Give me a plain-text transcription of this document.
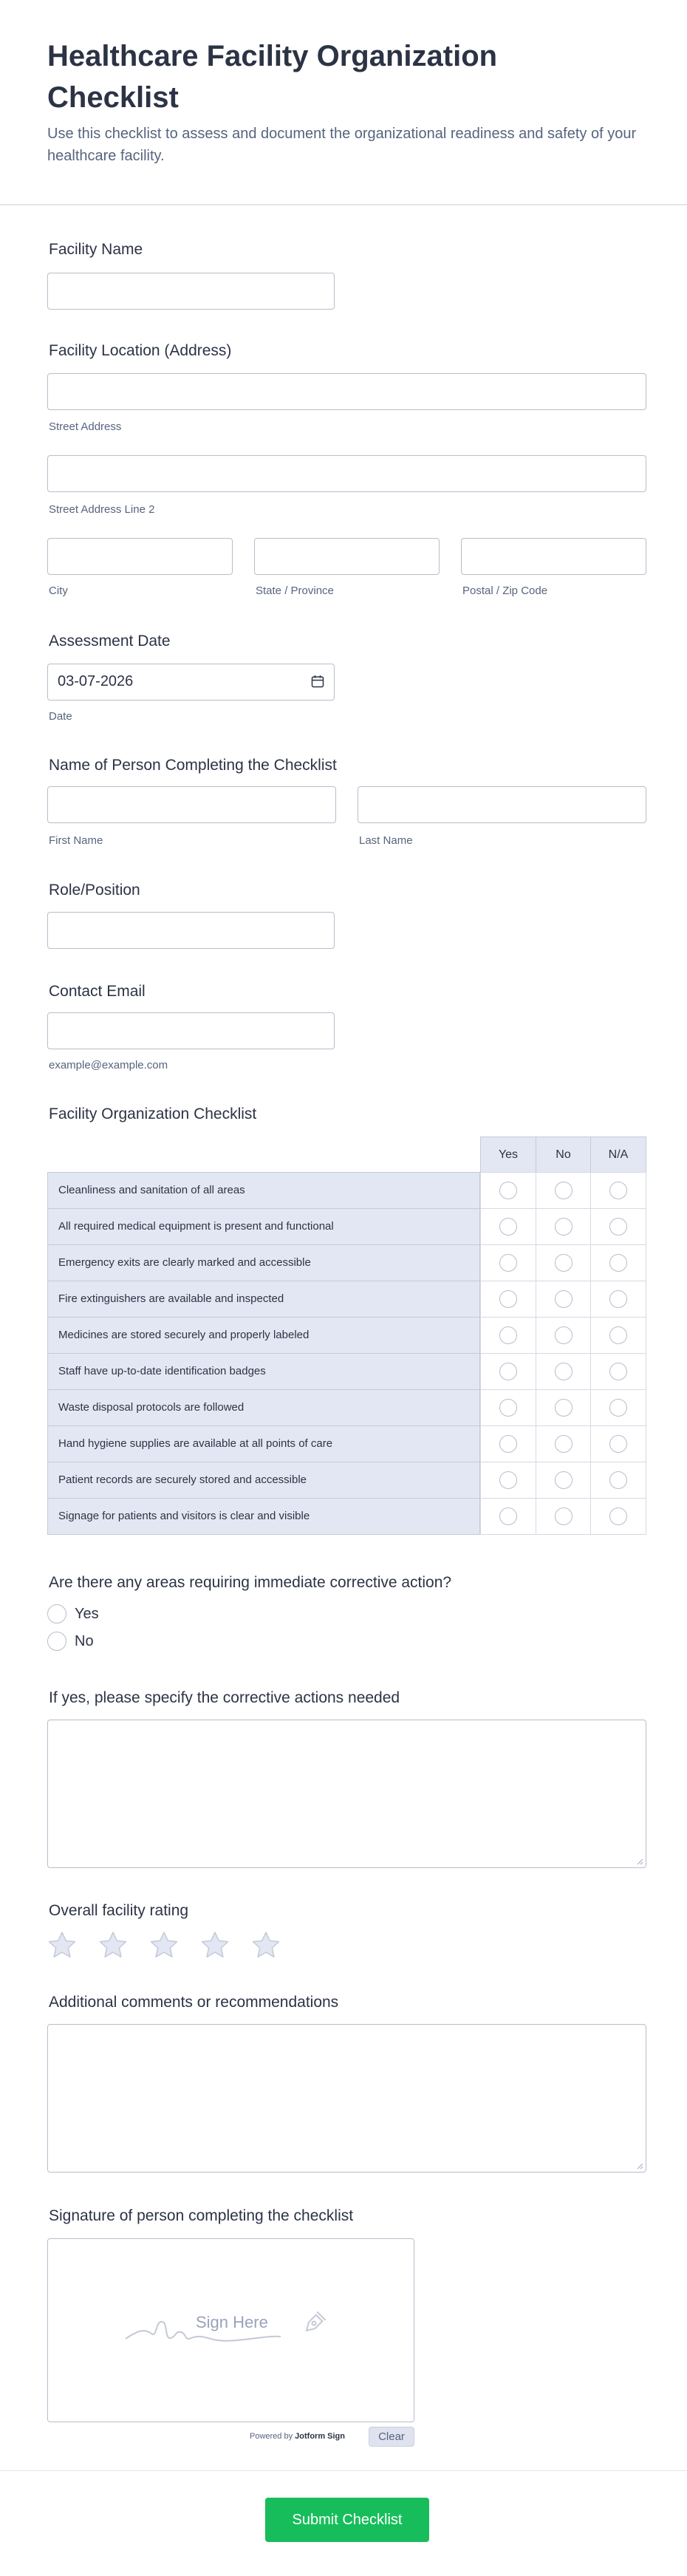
Healthcare Facility Organization Checklist
Use this checklist to assess and document the organizational readiness and safety of your healthcare facility.
Facility Name
Facility Location (Address)
Street Address
Street Address Line 2
City	State / Province	Postal / Zip Code
Assessment Date
03-07-2026
Date
Name of Person Completing the Checklist
First Name	Last Name
Role/Position
Contact Email
example@example.com
Facility Organization Checklist
Yes	No	N/A
Cleanliness and sanitation of all areas
All required medical equipment is present and functional
Emergency exits are clearly marked and accessible
Fire extinguishers are available and inspected
Medicines are stored securely and properly labeled
Staff have up-to-date identification badges
Waste disposal protocols are followed
Hand hygiene supplies are available at all points of care
Patient records are securely stored and accessible
Signage for patients and visitors is clear and visible
Are there any areas requiring immediate corrective action?
Yes
No
If yes, please specify the corrective actions needed
Overall facility rating
Additional comments or recommendations
Signature of person completing the checklist
Sign Here
Powered by Jotform Sign	Clear
Submit Checklist
